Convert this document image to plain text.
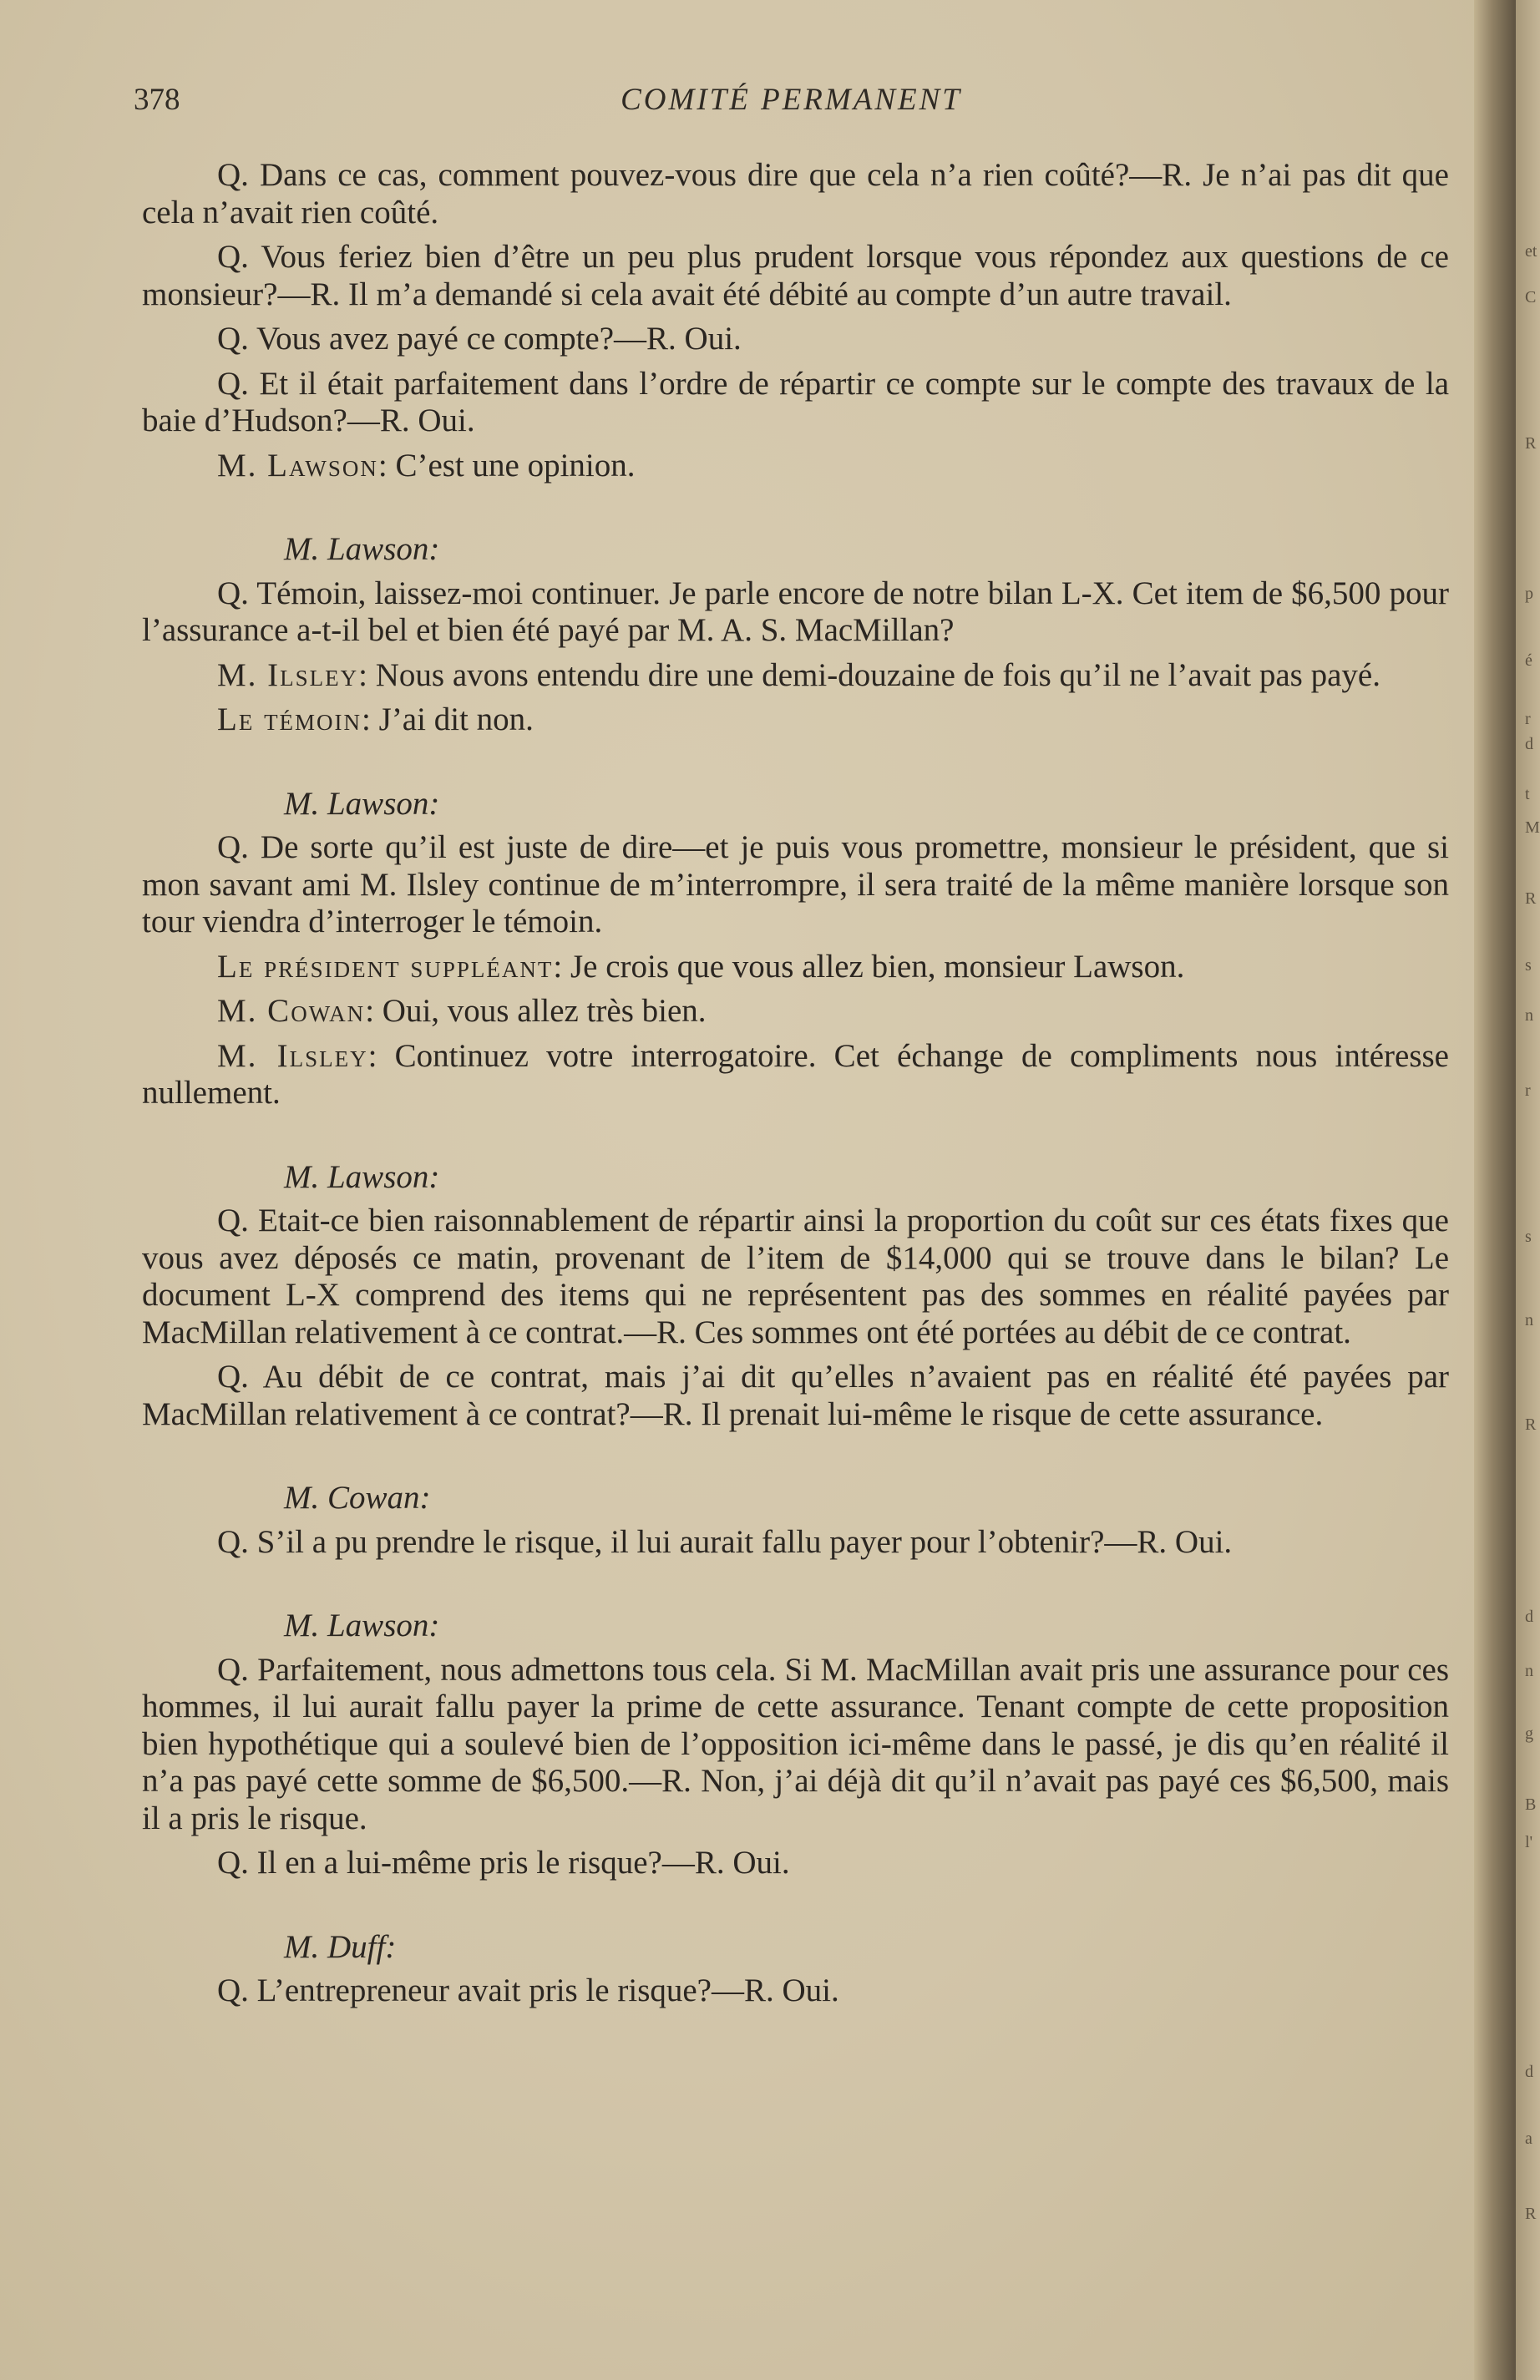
378	COMITÉ PERMANENT

Q. Dans ce cas, comment pouvez-vous dire que cela n’a rien coûté?—R. Je n’ai pas dit que cela n’avait rien coûté.

Q. Vous feriez bien d’être un peu plus prudent lorsque vous répondez aux questions de ce monsieur?—R. Il m’a demandé si cela avait été débité au compte d’un autre travail.

Q. Vous avez payé ce compte?—R. Oui.

Q. Et il était parfaitement dans l’ordre de répartir ce compte sur le compte des travaux de la baie d’Hudson?—R. Oui.

M. Lawson: C’est une opinion.

M. Lawson:

Q. Témoin, laissez-moi continuer. Je parle encore de notre bilan L-X. Cet item de $6,500 pour l’assurance a-t-il bel et bien été payé par M. A. S. MacMillan?

M. Ilsley: Nous avons entendu dire une demi-douzaine de fois qu’il ne l’avait pas payé.

Le témoin: J’ai dit non.

M. Lawson:

Q. De sorte qu’il est juste de dire—et je puis vous promettre, monsieur le président, que si mon savant ami M. Ilsley continue de m’interrompre, il sera traité de la même manière lorsque son tour viendra d’interroger le témoin.

Le président suppléant: Je crois que vous allez bien, monsieur Lawson.

M. Cowan: Oui, vous allez très bien.

M. Ilsley: Continuez votre interrogatoire. Cet échange de compliments nous intéresse nullement.

M. Lawson:

Q. Etait-ce bien raisonnablement de répartir ainsi la proportion du coût sur ces états fixes que vous avez déposés ce matin, provenant de l’item de $14,000 qui se trouve dans le bilan? Le document L-X comprend des items qui ne représentent pas des sommes en réalité payées par MacMillan relativement à ce contrat.—R. Ces sommes ont été portées au débit de ce contrat.

Q. Au débit de ce contrat, mais j’ai dit qu’elles n’avaient pas en réalité été payées par MacMillan relativement à ce contrat?—R. Il prenait lui-même le risque de cette assurance.

M. Cowan:

Q. S’il a pu prendre le risque, il lui aurait fallu payer pour l’obtenir?—R. Oui.

M. Lawson:

Q. Parfaitement, nous admettons tous cela. Si M. MacMillan avait pris une assurance pour ces hommes, il lui aurait fallu payer la prime de cette assurance. Tenant compte de cette proposition bien hypothétique qui a soulevé bien de l’opposition ici-même dans le passé, je dis qu’en réalité il n’a pas payé cette somme de $6,500.—R. Non, j’ai déjà dit qu’il n’avait pas payé ces $6,500, mais il a pris le risque.

Q. Il en a lui-même pris le risque?—R. Oui.

M. Duff:

Q. L’entrepreneur avait pris le risque?—R. Oui.

et
C
R
p
é
r
d
t
M
R
s
n
r
s
n
R
d
n
g
B
l'
d
a
R
